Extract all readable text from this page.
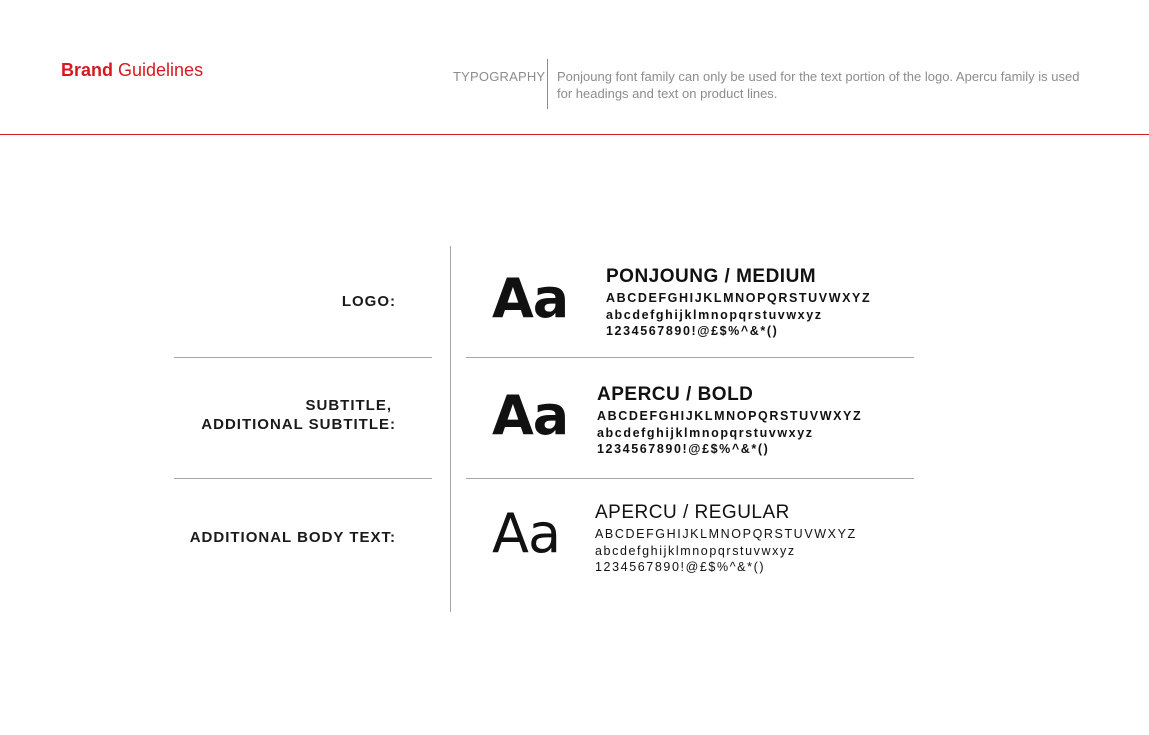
Brand Guidelines	TYPOGRAPHY Ponjoung font family can only be used for the text portion of the logo. Apercu family is used for headings and text on product lines.
LOGO: Aa PONJOUNG / MEDIUM
ABCDEFGHIJKLMNOPQRSTUVWXYZ
abcdefghijklmnopqrstuvwxyz
1234567890!@£$%^&*()
SUBTITLE,
ADDITIONAL SUBTITLE: Aa APERCU / BOLD
ABCDEFGHIJKLMNOPQRSTUVWXYZ
abcdefghijklmnopqrstuvwxyz
1234567890!@£$%^&*()
ADDITIONAL BODY TEXT: Aa APERCU / REGULAR
ABCDEFGHIJKLMNOPQRSTUVWXYZ
abcdefghijklmnopqrstuvwxyz
1234567890!@£$%^&*()
